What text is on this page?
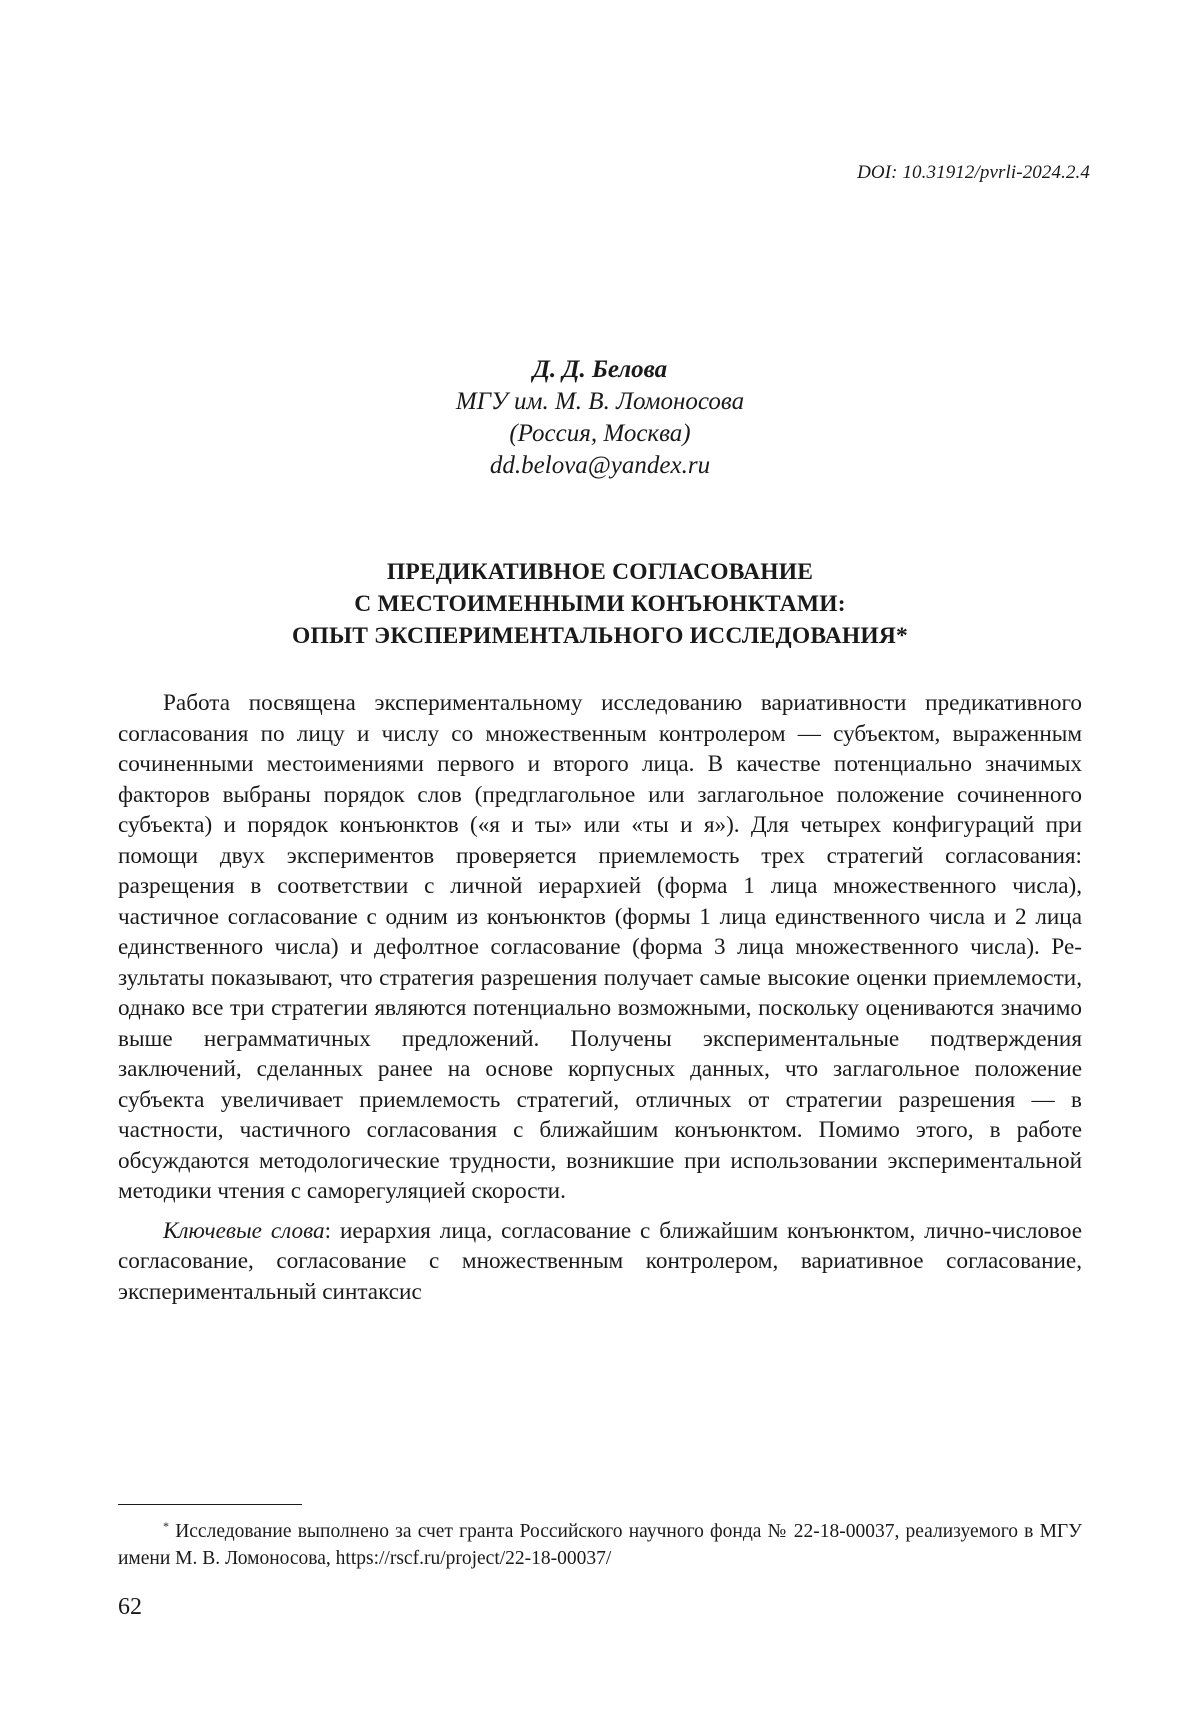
DOI: 10.31912/pvrli-2024.2.4
Д. Д. Белова
МГУ им. М. В. Ломоносова
(Россия, Москва)
dd.belova@yandex.ru
ПРЕДИКАТИВНОЕ СОГЛАСОВАНИЕ
С МЕСТОИМЕННЫМИ КОНЪЮНКТАМИ:
ОПЫТ ЭКСПЕРИМЕНТАЛЬНОГО ИССЛЕДОВАНИЯ*

Работа посвящена экспериментальному исследованию вариативности предикативного согласования по лицу и числу со множественным контролером — субъектом, выраженным сочиненными местоимениями первого и второго лица. В качестве потенциально значимых факторов выбраны порядок слов (предглагольное или заглагольное положение сочиненного субъекта) и порядок конъюнктов («я и ты» или «ты и я»). Для четырех конфигураций при помощи двух экспериментов проверяется приемлемость трех стратегий согласования: разрещения в соответствии с личной иерархией (форма 1 лица множественного числа), частичное согласование с одним из конъюнктов (формы 1 лица единственного числа и 2 лица единственного числа) и дефолтное согласование (форма 3 лица множественного числа). Результаты показывают, что стратегия разрешения получает самые высокие оценки приемлемости, однако все три стратегии являются потенциально возможными, поскольку оцениваются значимо выше неграмматичных предложений. Получены экспериментальные подтверждения заключений, сделанных ранее на основе корпусных данных, что заглагольное положение субъекта увеличивает приемлемость стратегий, отличных от стратегии разрешения — в частности, частичного согласования с ближайшим конъюнктом. Помимо этого, в работе обсуждаются методологические трудности, возникшие при использовании экспериментальной методики чтения с саморегуляцией скорости.

Ключевые слова: иерархия лица, согласование с ближайшим конъюнктом, лично-числовое согласование, согласование с множественным контролером, вариативное согласование, экспериментальный синтаксис

* Исследование выполнено за счет гранта Российского научного фонда № 22-18-00037, реализуемого в МГУ имени М. В. Ломоносова, https://rscf.ru/project/22-18-00037/

62
